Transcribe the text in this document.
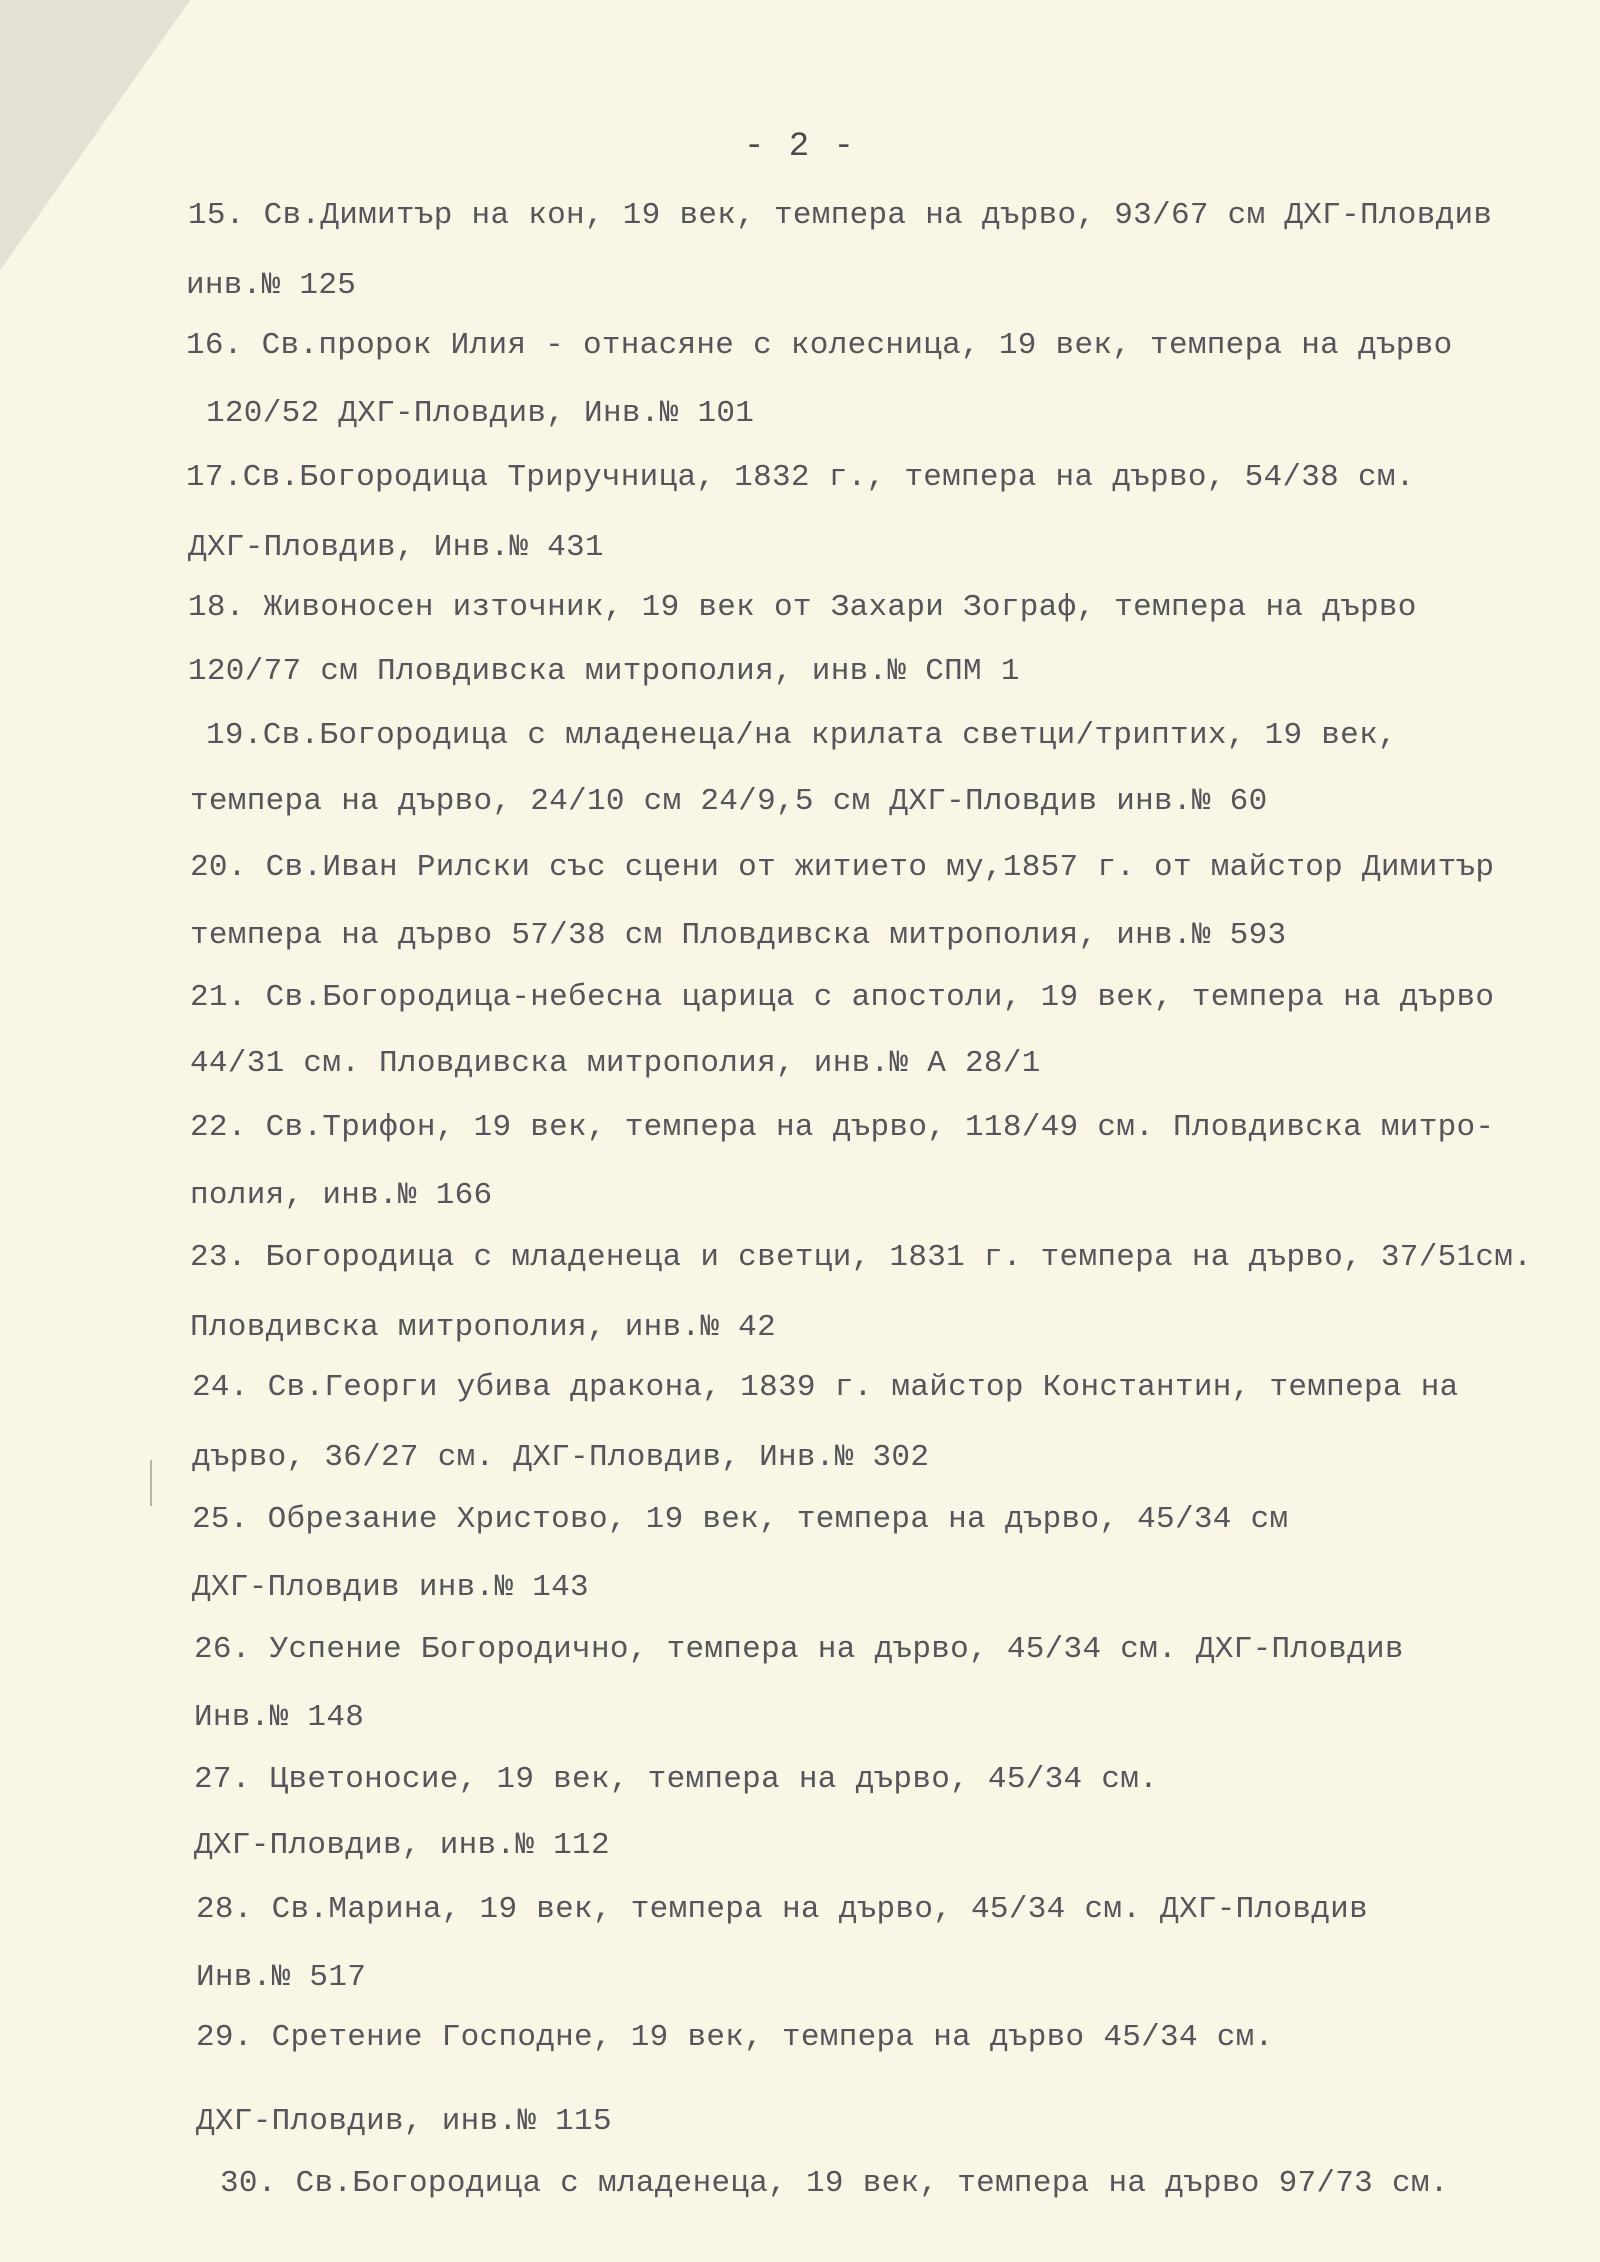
- 2 -
15. Св.Димитър на кон, 19 век, темпера на дърво, 93/67 см ДХГ-Пловдив
инв.№ 125
16. Св.пророк Илия - отнасяне с колесница, 19 век, темпера на дърво
120/52 ДХГ-Пловдив, Инв.№ 101
17.Св.Богородица Триручница, 1832 г., темпера на дърво, 54/38 см.
ДХГ-Пловдив, Инв.№ 431
18. Живоносен източник, 19 век от Захари Зограф, темпера на дърво
120/77 см Пловдивска митрополия, инв.№ СПМ 1
19.Св.Богородица с младенеца/на крилата светци/триптих, 19 век,
темпера на дърво, 24/10 см 24/9,5 см ДХГ-Пловдив инв.№ 60
20. Св.Иван Рилски със сцени от житието му,1857 г. от майстор Димитър
темпера на дърво 57/38 см Пловдивска митрополия, инв.№ 593
21. Св.Богородица-небесна царица с апостоли, 19 век, темпера на дърво
44/31 см. Пловдивска митрополия, инв.№ А 28/1
22. Св.Трифон, 19 век, темпера на дърво, 118/49 см. Пловдивска митро-
полия, инв.№ 166
23. Богородица с младенеца и светци, 1831 г. темпера на дърво, 37/51см.
Пловдивска митрополия, инв.№ 42
24. Св.Георги убива дракона, 1839 г. майстор Константин, темпера на
дърво, 36/27 см. ДХГ-Пловдив, Инв.№ 302
25. Обрезание Христово, 19 век, темпера на дърво, 45/34 см
ДХГ-Пловдив инв.№ 143
26. Успение Богородично, темпера на дърво, 45/34 см. ДХГ-Пловдив
Инв.№ 148
27. Цветоносие, 19 век, темпера на дърво, 45/34 см.
ДХГ-Пловдив, инв.№ 112
28. Св.Марина, 19 век, темпера на дърво, 45/34 см. ДХГ-Пловдив
Инв.№ 517
29. Сретение Господне, 19 век, темпера на дърво 45/34 см.
ДХГ-Пловдив, инв.№ 115
30. Св.Богородица с младенеца, 19 век, темпера на дърво 97/73 см.
